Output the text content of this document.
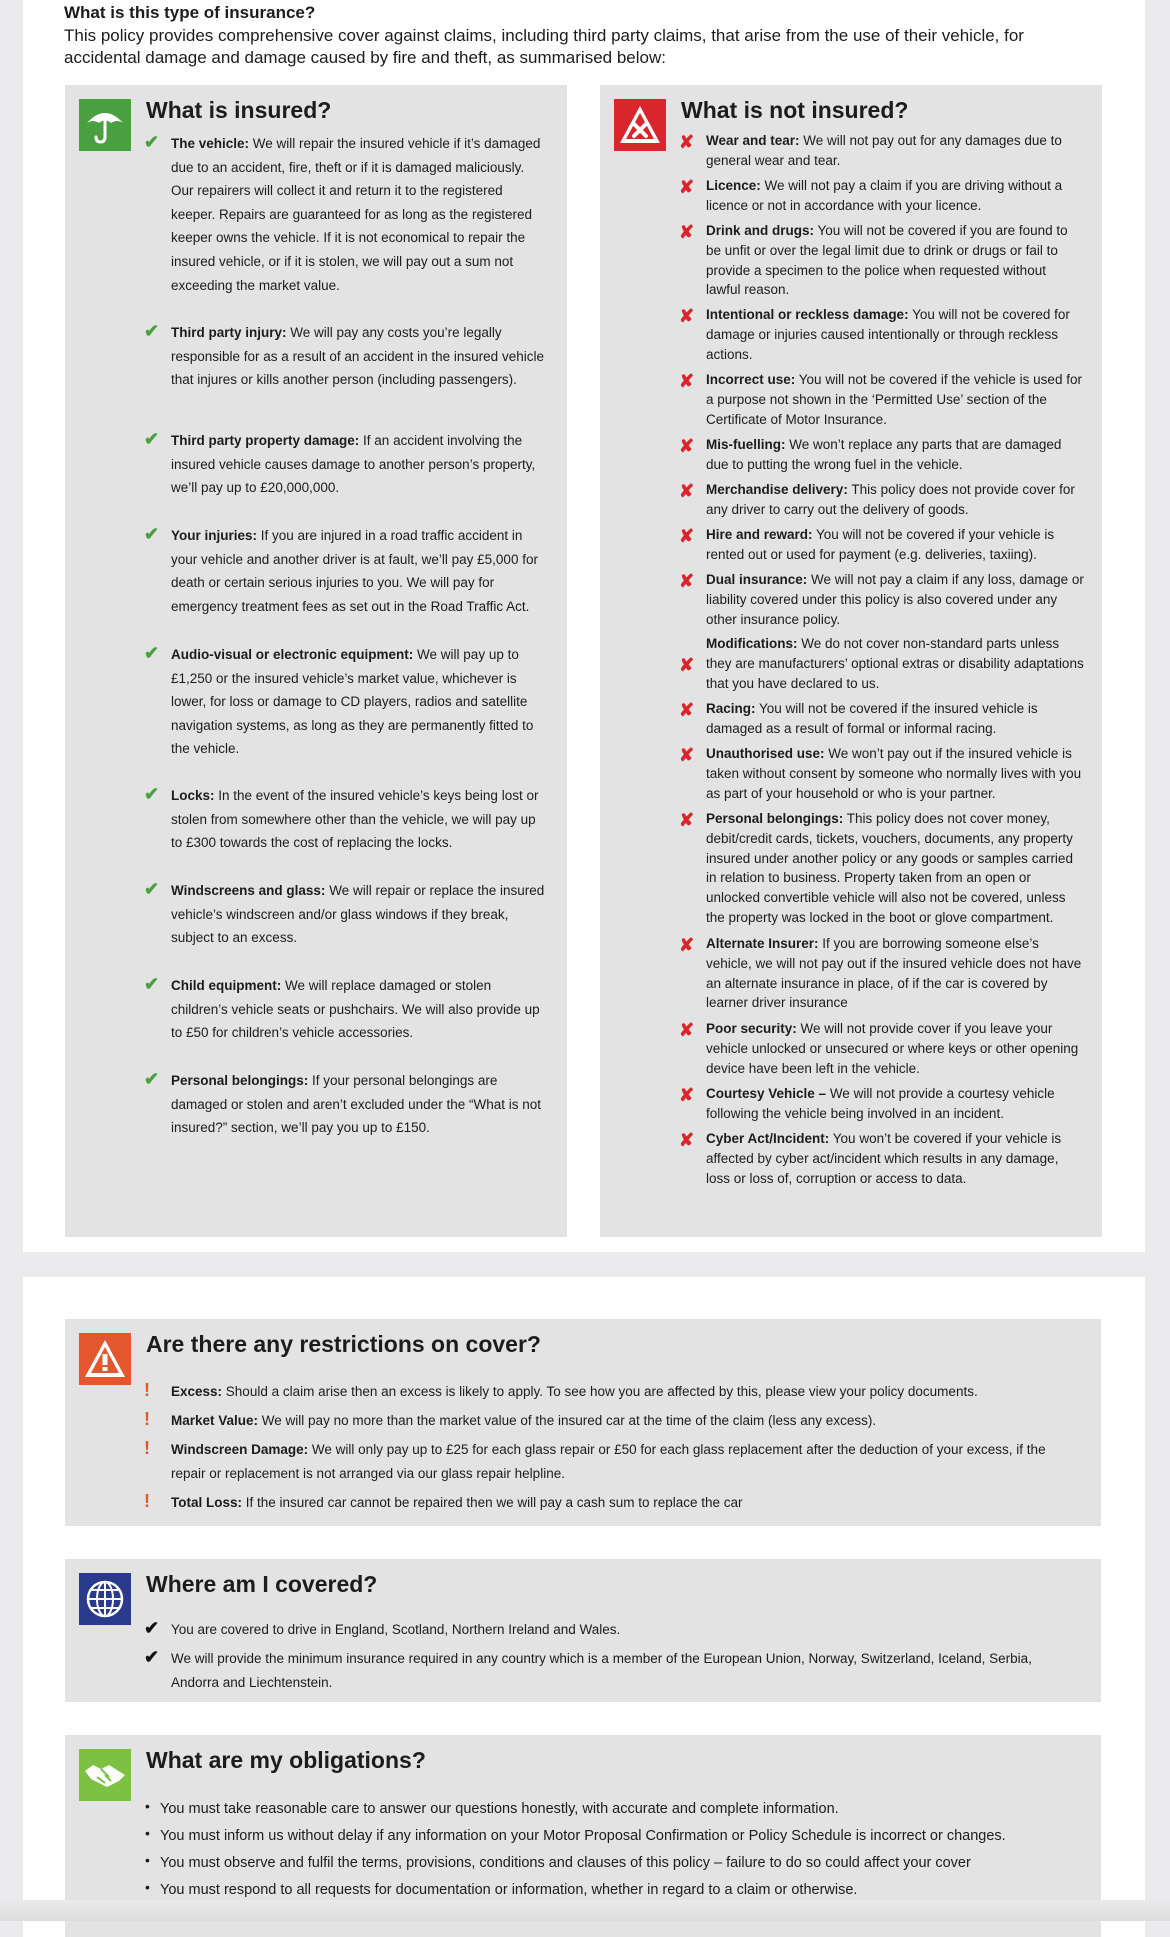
What is this type of insurance?
This policy provides comprehensive cover against claims, including third party claims, that arise from the use of their vehicle, for accidental damage and damage caused by fire and theft, as summarised below:
What is insured?
✔ The vehicle: We will repair the insured vehicle if it’s damaged due to an accident, fire, theft or if it is damaged maliciously. Our repairers will collect it and return it to the registered keeper. Repairs are guaranteed for as long as the registered keeper owns the vehicle. If it is not economical to repair the insured vehicle, or if it is stolen, we will pay out a sum not exceeding the market value.
✔ Third party injury: We will pay any costs you’re legally responsible for as a result of an accident in the insured vehicle that injures or kills another person (including passengers).
✔ Third party property damage: If an accident involving the insured vehicle causes damage to another person’s property, we’ll pay up to £20,000,000.
✔ Your injuries: If you are injured in a road traffic accident in your vehicle and another driver is at fault, we’ll pay £5,000 for death or certain serious injuries to you. We will pay for emergency treatment fees as set out in the Road Traffic Act.
✔ Audio-visual or electronic equipment: We will pay up to £1,250 or the insured vehicle’s market value, whichever is lower, for loss or damage to CD players, radios and satellite navigation systems, as long as they are permanently fitted to the vehicle.
✔ Locks: In the event of the insured vehicle’s keys being lost or stolen from somewhere other than the vehicle, we will pay up to £300 towards the cost of replacing the locks.
✔ Windscreens and glass: We will repair or replace the insured vehicle’s windscreen and/or glass windows if they break, subject to an excess.
✔ Child equipment: We will replace damaged or stolen children’s vehicle seats or pushchairs. We will also provide up to £50 for children’s vehicle accessories.
✔ Personal belongings: If your personal belongings are damaged or stolen and aren’t excluded under the “What is not insured?” section, we’ll pay you up to £150.
What is not insured?
✘ Wear and tear: We will not pay out for any damages due to general wear and tear.
✘ Licence: We will not pay a claim if you are driving without a licence or not in accordance with your licence.
✘ Drink and drugs: You will not be covered if you are found to be unfit or over the legal limit due to drink or drugs or fail to provide a specimen to the police when requested without lawful reason.
✘ Intentional or reckless damage: You will not be covered for damage or injuries caused intentionally or through reckless actions.
✘ Incorrect use: You will not be covered if the vehicle is used for a purpose not shown in the ‘Permitted Use’ section of the Certificate of Motor Insurance.
✘ Mis-fuelling: We won’t replace any parts that are damaged due to putting the wrong fuel in the vehicle.
✘ Merchandise delivery: This policy does not provide cover for any driver to carry out the delivery of goods.
✘ Hire and reward: You will not be covered if your vehicle is rented out or used for payment (e.g. deliveries, taxiing).
✘ Dual insurance: We will not pay a claim if any loss, damage or liability covered under this policy is also covered under any other insurance policy.
✘
Modifications: We do not cover non-standard parts unless they are manufacturers’ optional extras or disability adaptations that you have declared to us.
✘ Racing: You will not be covered if the insured vehicle is damaged as a result of formal or informal racing.
✘ Unauthorised use: We won’t pay out if the insured vehicle is taken without consent by someone who normally lives with you as part of your household or who is your partner.
✘ Personal belongings: This policy does not cover money, debit/credit cards, tickets, vouchers, documents, any property insured under another policy or any goods or samples carried in relation to business. Property taken from an open or unlocked convertible vehicle will also not be covered, unless the property was locked in the boot or glove compartment.
✘ Alternate Insurer: If you are borrowing someone else’s vehicle, we will not pay out if the insured vehicle does not have an alternate insurance in place, of if the car is covered by learner driver insurance
✘ Poor security: We will not provide cover if you leave your vehicle unlocked or unsecured or where keys or other opening device have been left in the vehicle.
✘ Courtesy Vehicle – We will not provide a courtesy vehicle following the vehicle being involved in an incident.
✘ Cyber Act/Incident: You won’t be covered if your vehicle is affected by cyber act/incident which results in any damage, loss or loss of, corruption or access to data.
Are there any restrictions on cover?
! Excess: Should a claim arise then an excess is likely to apply. To see how you are affected by this, please view your policy documents.
! Market Value: We will pay no more than the market value of the insured car at the time of the claim (less any excess).
! Windscreen Damage: We will only pay up to £25 for each glass repair or £50 for each glass replacement after the deduction of your excess, if the repair or replacement is not arranged via our glass repair helpline.
! Total Loss: If the insured car cannot be repaired then we will pay a cash sum to replace the car
Where am I covered?
✔ You are covered to drive in England, Scotland, Northern Ireland and Wales.
✔ We will provide the minimum insurance required in any country which is a member of the European Union, Norway, Switzerland, Iceland, Serbia, Andorra and Liechtenstein.
What are my obligations?
• You must take reasonable care to answer our questions honestly, with accurate and complete information.
• You must inform us without delay if any information on your Motor Proposal Confirmation or Policy Schedule is incorrect or changes.
• You must observe and fulfil the terms, provisions, conditions and clauses of this policy – failure to do so could affect your cover
• You must respond to all requests for documentation or information, whether in regard to a claim or otherwise.
